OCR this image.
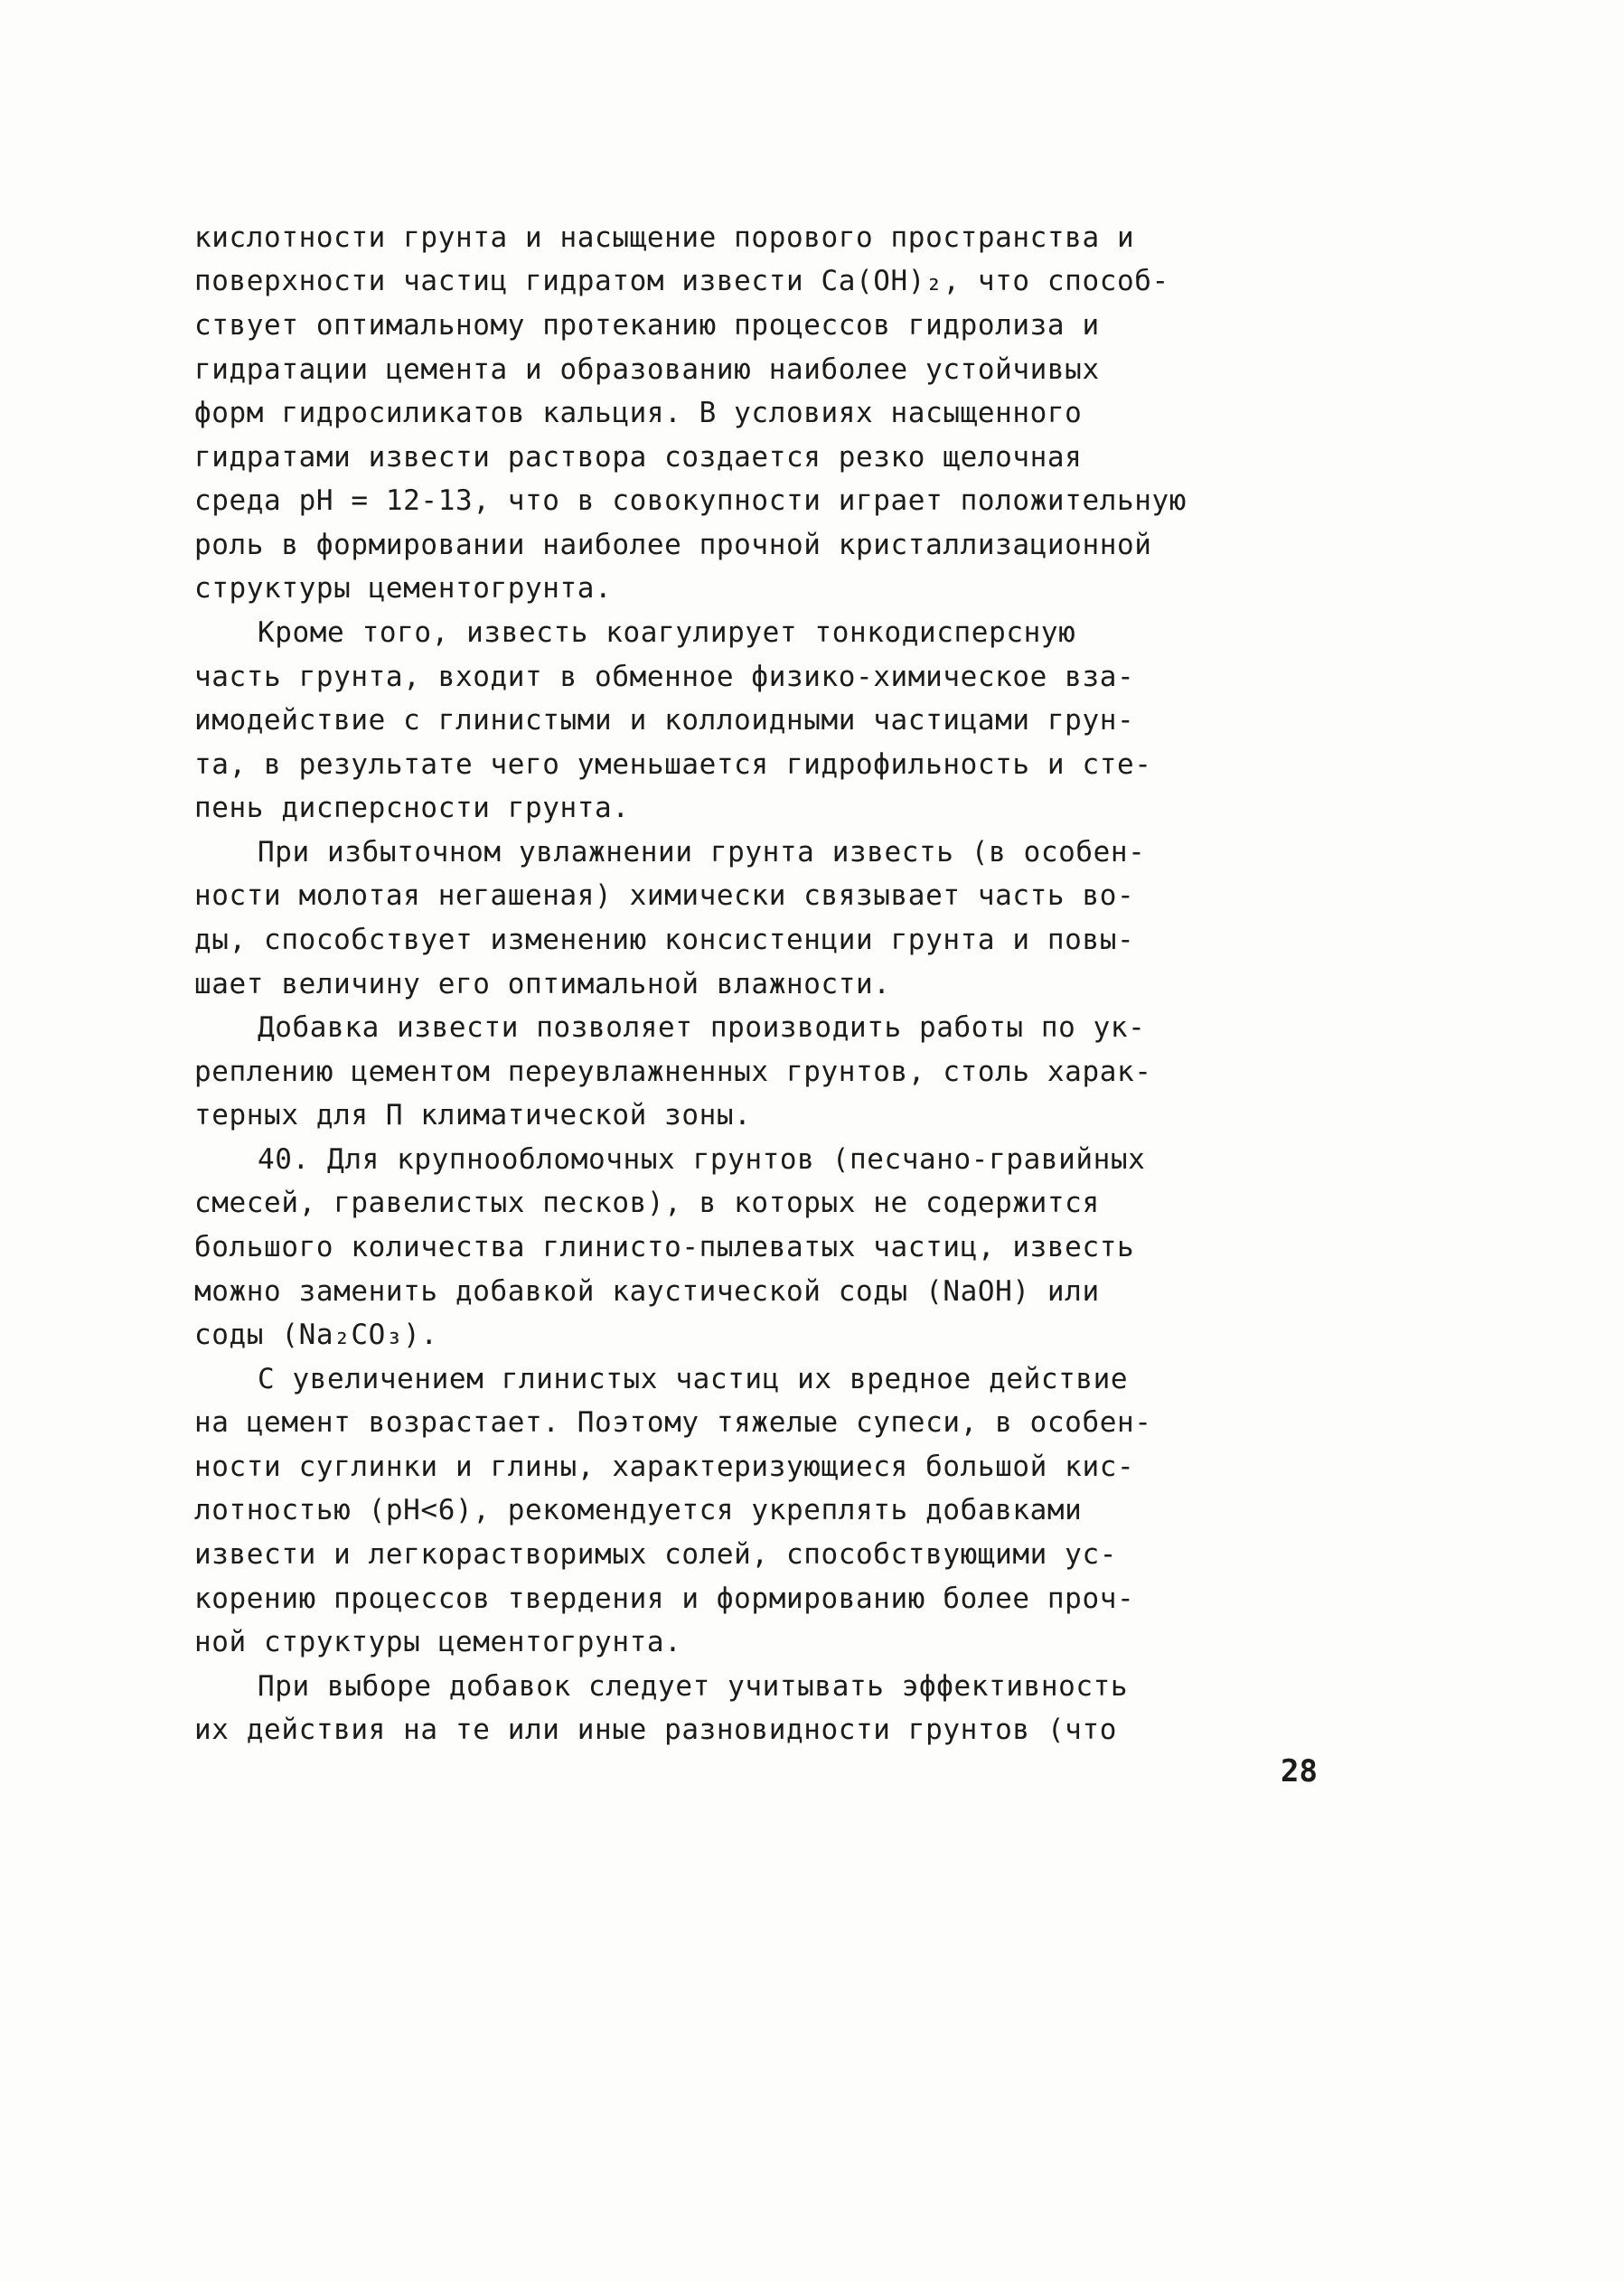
кислотности грунта и насыщение порового пространства и
поверхности частиц гидратом извести Ca(OH)₂, что способ-
ствует оптимальному протеканию процессов гидролиза и
гидратации цемента и образованию наиболее устойчивых
форм гидросиликатов кальция. В условиях насыщенного
гидратами извести раствора создается резко щелочная
среда pH = 12-13, что в совокупности играет положительную
роль в формировании наиболее прочной кристаллизационной
структуры цементогрунта.
Кроме того, известь коагулирует тонкодисперсную
часть грунта, входит в обменное физико-химическое вза-
имодействие с глинистыми и коллоидными частицами грун-
та, в результате чего уменьшается гидрофильность и сте-
пень дисперсности грунта.
При избыточном увлажнении грунта известь (в особен-
ности молотая негашеная) химически связывает часть во-
ды, способствует изменению консистенции грунта и повы-
шает величину его оптимальной влажности.
Добавка извести позволяет производить работы по ук-
реплению цементом переувлажненных грунтов, столь харак-
терных для П климатической зоны.
40. Для крупнообломочных грунтов (песчано-гравийных
смесей, гравелистых песков), в которых не содержится
большого количества глинисто-пылеватых частиц, известь
можно заменить добавкой каустической соды (NaOH) или
соды (Na₂CO₃).
С увеличением глинистых частиц их вредное действие
на цемент возрастает. Поэтому тяжелые супеси, в особен-
ности суглинки и глины, характеризующиеся большой кис-
лотностью (pH<6), рекомендуется укреплять добавками
извести и легкорастворимых солей, способствующими ус-
корению процессов твердения и формированию более проч-
ной структуры цементогрунта.
При выборе добавок следует учитывать эффективность
их действия на те или иные разновидности грунтов (что
28
